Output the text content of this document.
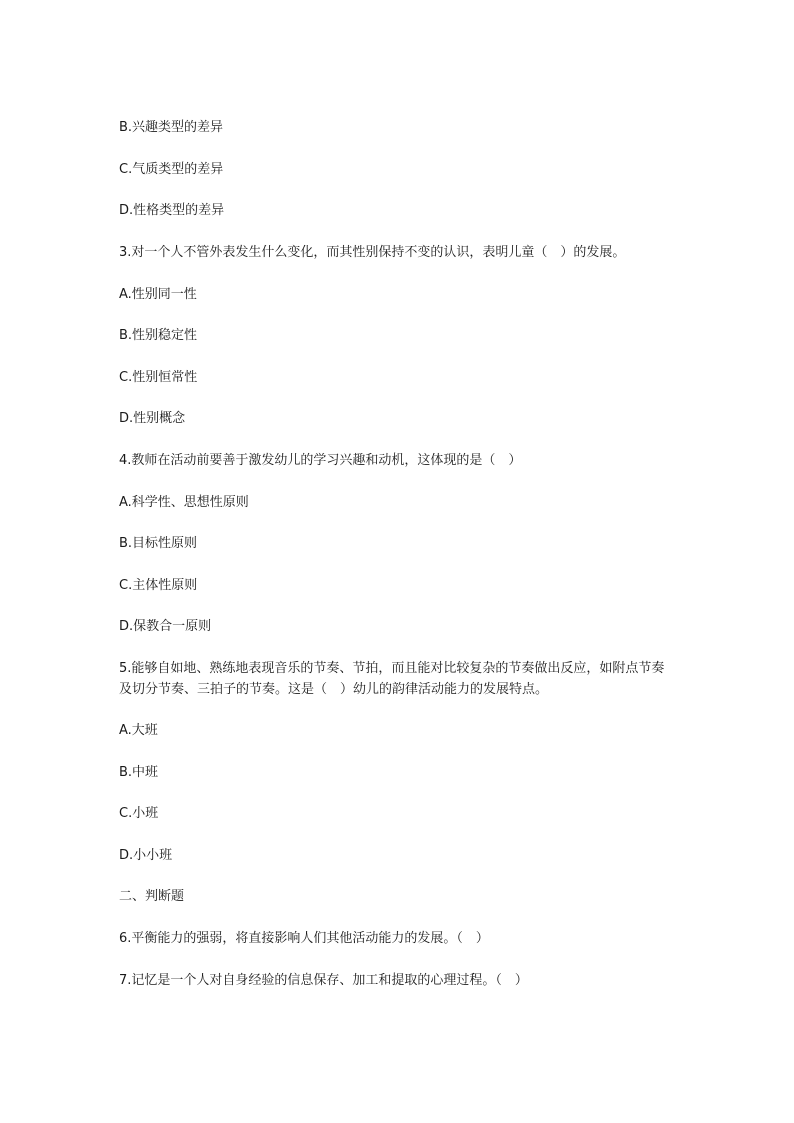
B.兴趣类型的差异
C.气质类型的差异
D.性格类型的差异
3.对一个人不管外表发生什么变化，而其性别保持不变的认识，表明儿童（　）的发展。
A.性别同一性
B.性别稳定性
C.性别恒常性
D.性别概念
4.教师在活动前要善于激发幼儿的学习兴趣和动机，这体现的是（　）
A.科学性、思想性原则
B.目标性原则
C.主体性原则
D.保教合一原则
5.能够自如地、熟练地表现音乐的节奏、节拍，而且能对比较复杂的节奏做出反应，如附点节奏及切分节奏、三拍子的节奏。这是（　）幼儿的韵律活动能力的发展特点。
A.大班
B.中班
C.小班
D.小小班
二、判断题
6.平衡能力的强弱，将直接影响人们其他活动能力的发展。（　）
7.记忆是一个人对自身经验的信息保存、加工和提取的心理过程。（　）
